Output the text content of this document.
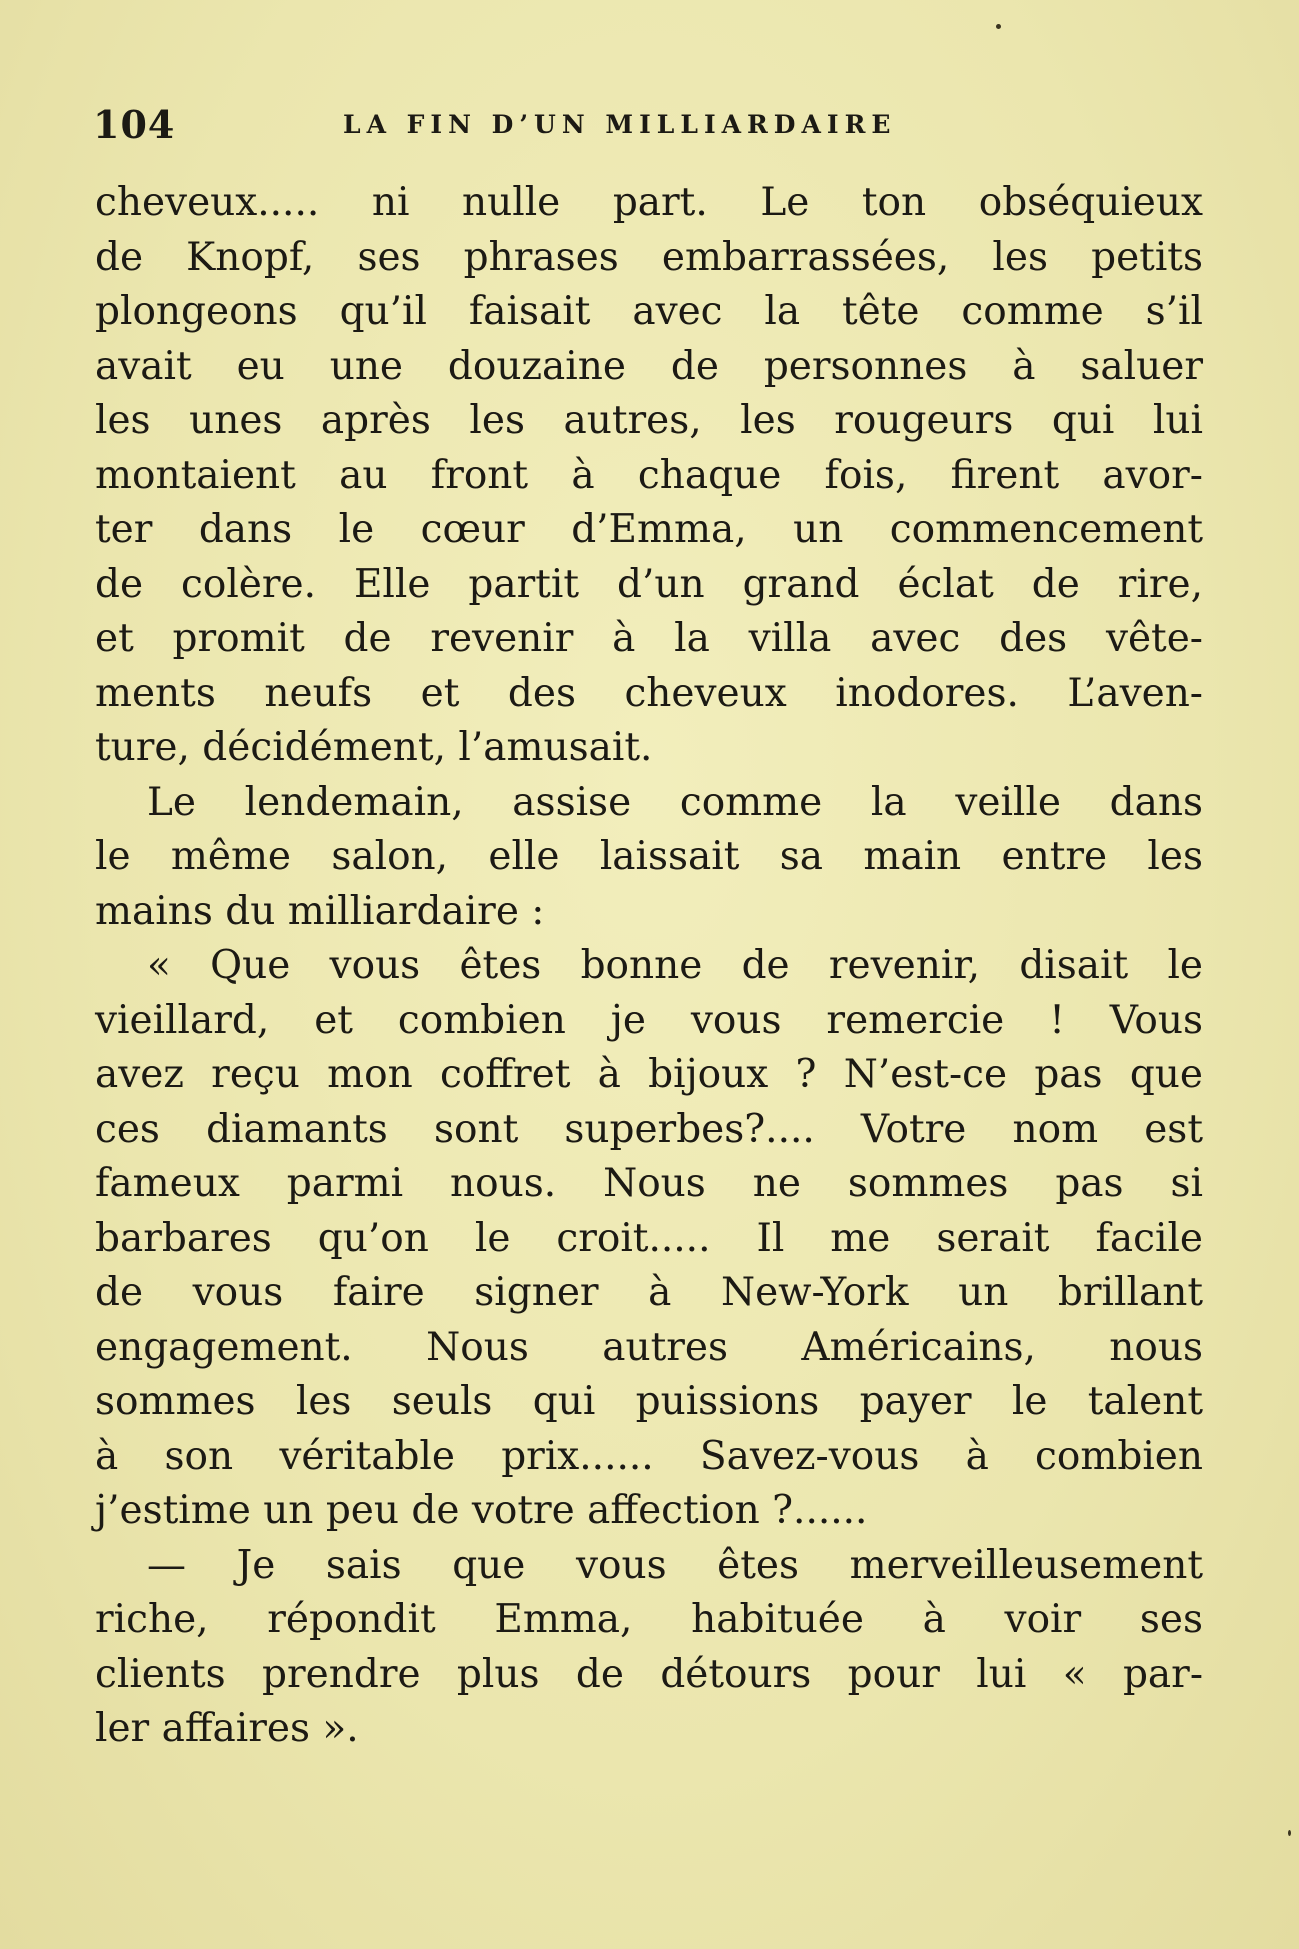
104	LA FIN D’UN MILLIARDAIRE
cheveux..... ni nulle part. Le ton obséquieux
de Knopf, ses phrases embarrassées, les petits
plongeons qu’il faisait avec la tête comme s’il
avait eu une douzaine de personnes à saluer
les unes après les autres, les rougeurs qui lui
montaient au front à chaque fois, firent avor-
ter dans le cœur d’Emma, un commencement
de colère. Elle partit d’un grand éclat de rire,
et promit de revenir à la villa avec des vête-
ments neufs et des cheveux inodores. L’aven-
ture, décidément, l’amusait.
Le lendemain, assise comme la veille dans
le même salon, elle laissait sa main entre les
mains du milliardaire :
« Que vous êtes bonne de revenir, disait le
vieillard, et combien je vous remercie ! Vous
avez reçu mon coffret à bijoux ? N’est-ce pas que
ces diamants sont superbes?.... Votre nom est
fameux parmi nous. Nous ne sommes pas si
barbares qu’on le croit..... Il me serait facile
de vous faire signer à New-York un brillant
engagement. Nous autres Américains, nous
sommes les seuls qui puissions payer le talent
à son véritable prix...... Savez-vous à combien
j’estime un peu de votre affection ?......
— Je sais que vous êtes merveilleusement
riche, répondit Emma, habituée à voir ses
clients prendre plus de détours pour lui « par-
ler affaires ».
